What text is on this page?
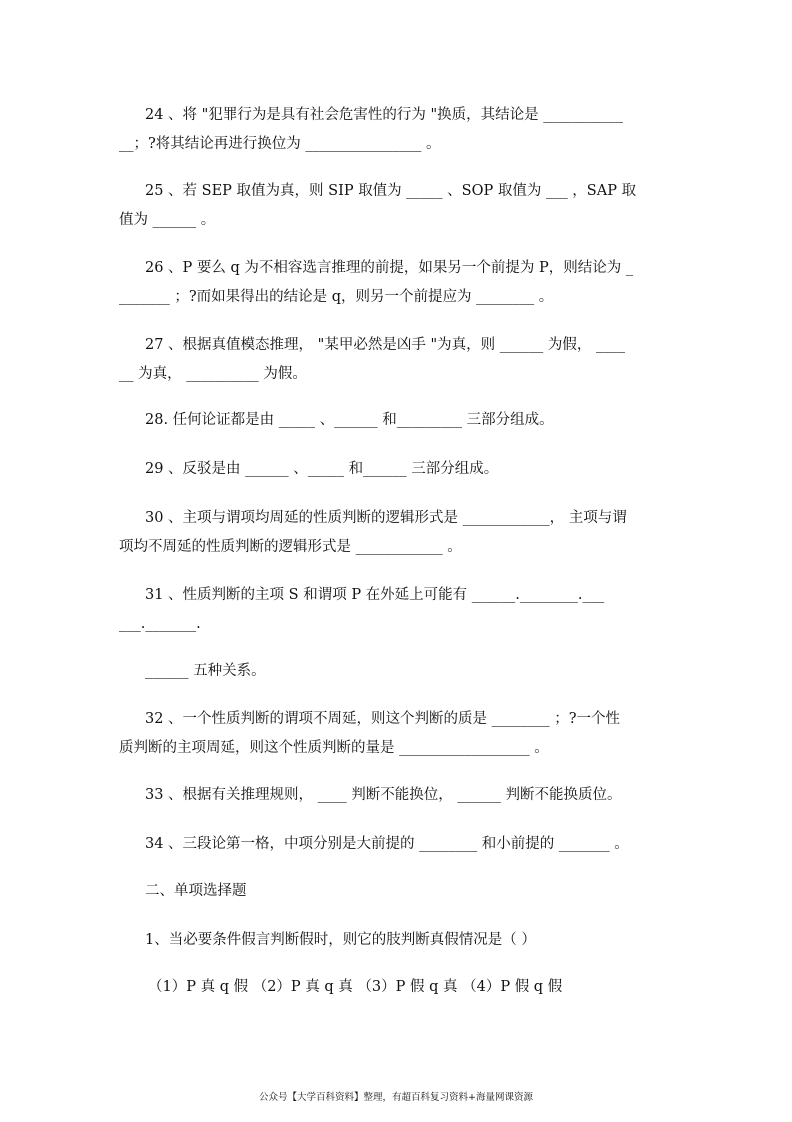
24 、将 "犯罪行为是具有社会危害性的行为 "换质，其结论是 ___________
__；?将其结论再进行换位为 ________________ 。
25 、若 SEP 取值为真，则 SIP 取值为 _____ 、SOP 取值为 ___ ，SAP 取
值为 ______ 。
26 、P 要么 q 为不相容选言推理的前提，如果另一个前提为 P，则结论为 _
_______ ；?而如果得出的结论是 q，则另一个前提应为 ________ 。
27 、根据真值模态推理， "某甲必然是凶手 "为真，则 ______ 为假， ____
__ 为真， __________ 为假。
28. 任何论证都是由 _____ 、______ 和_________ 三部分组成。
29 、反驳是由 ______ 、_____ 和______ 三部分组成。
30 、主项与谓项均周延的性质判断的逻辑形式是 ____________， 主项与谓
项均不周延的性质判断的逻辑形式是 ____________ 。
31 、性质判断的主项 S 和谓项 P 在外延上可能有 ______.________.___
___._______.
______ 五种关系。
32 、一个性质判断的谓项不周延，则这个判断的质是 ________ ；?一个性
质判断的主项周延，则这个性质判断的量是 __________________ 。
33 、根据有关推理规则， ____ 判断不能换位， ______ 判断不能换质位。
34 、三段论第一格，中项分别是大前提的 ________ 和小前提的 _______ 。
二、单项选择题
1、当必要条件假言判断假时，则它的肢判断真假情况是（ ）
（1）P 真 q 假 （2）P 真 q 真 （3）P 假 q 真 （4）P 假 q 假
公众号【大学百科资料】整理，有超百科复习资料+海量网课资源
